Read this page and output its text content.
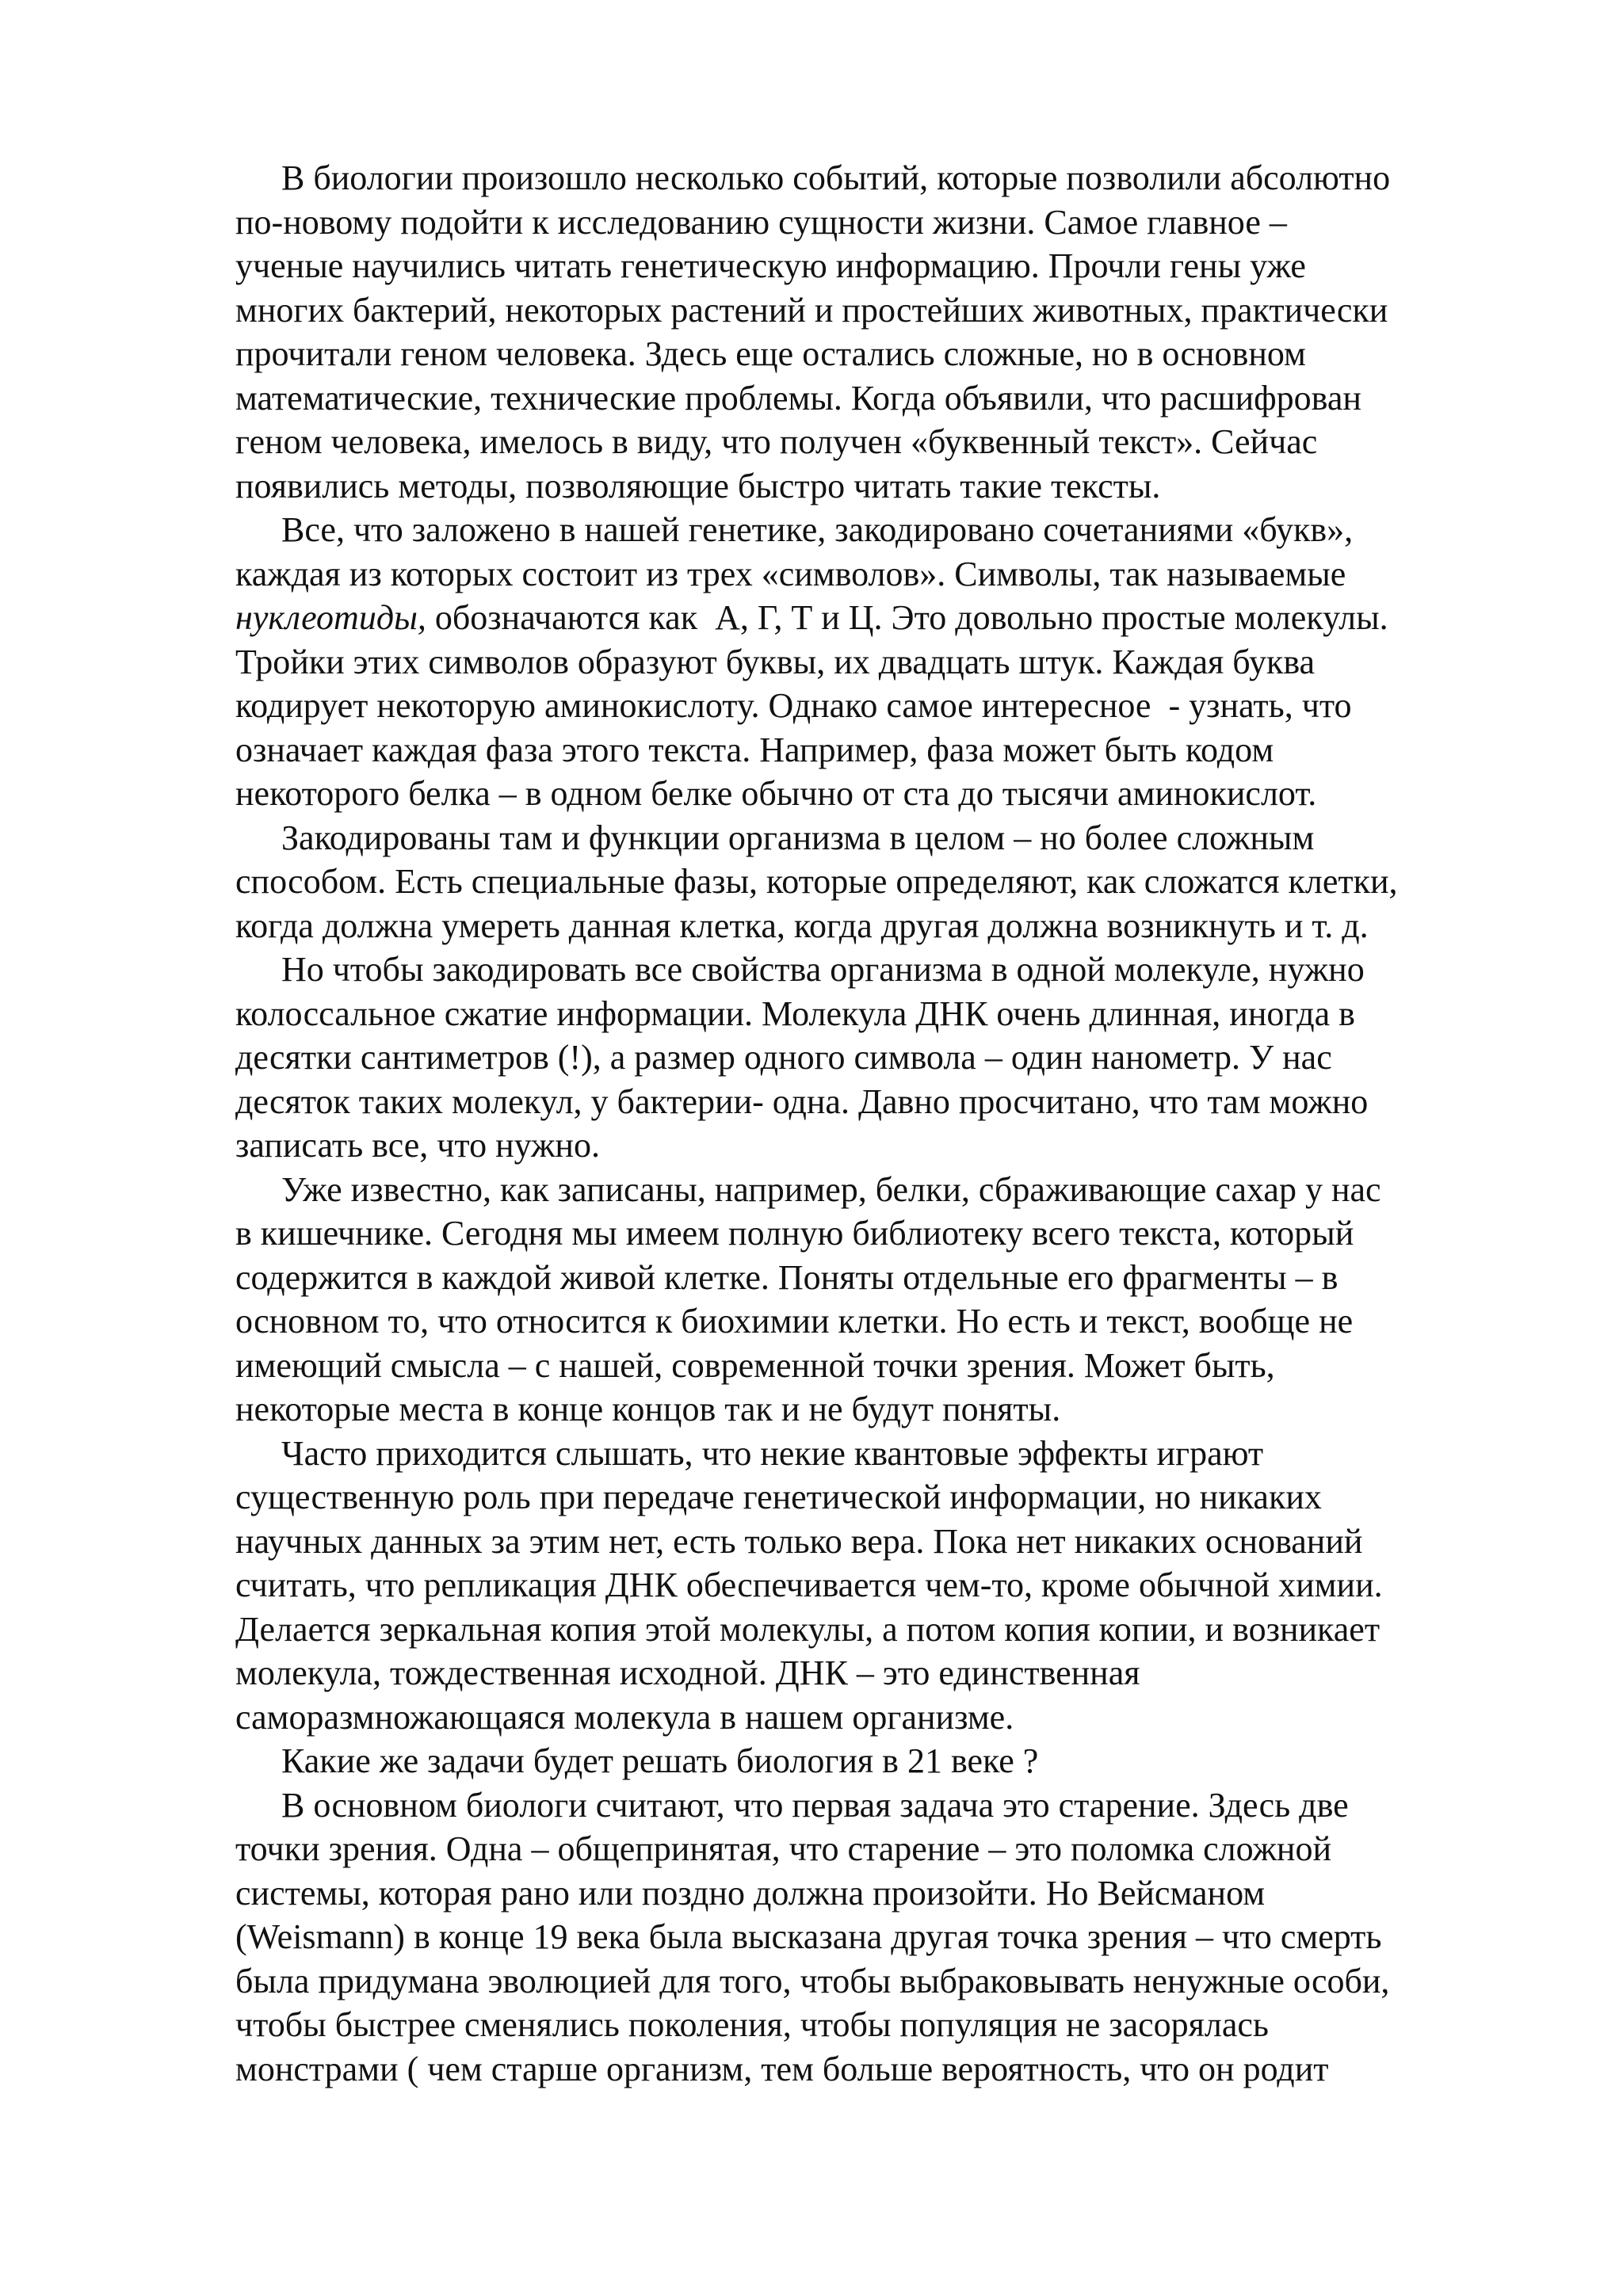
В биологии произошло несколько событий, которые позволили абсолютно
по-новому подойти к исследованию сущности жизни. Самое главное –
ученые научились читать генетическую информацию. Прочли гены уже
многих бактерий, некоторых растений и простейших животных, практически
прочитали геном человека. Здесь еще остались сложные, но в основном
математические, технические проблемы. Когда объявили, что расшифрован
геном человека, имелось в виду, что получен «буквенный текст». Сейчас
появились методы, позволяющие быстро читать такие тексты.
Все, что заложено в нашей генетике, закодировано сочетаниями «букв»,
каждая из которых состоит из трех «символов». Символы, так называемые
нуклеотиды, обозначаются как  А, Г, Т и Ц. Это довольно простые молекулы.
Тройки этих символов образуют буквы, их двадцать штук. Каждая буква
кодирует некоторую аминокислоту. Однако самое интересное  - узнать, что
означает каждая фаза этого текста. Например, фаза может быть кодом
некоторого белка – в одном белке обычно от ста до тысячи аминокислот.
Закодированы там и функции организма в целом – но более сложным
способом. Есть специальные фазы, которые определяют, как сложатся клетки,
когда должна умереть данная клетка, когда другая должна возникнуть и т. д.
Но чтобы закодировать все свойства организма в одной молекуле, нужно
колоссальное сжатие информации. Молекула ДНК очень длинная, иногда в
десятки сантиметров (!), а размер одного символа – один нанометр. У нас
десяток таких молекул, у бактерии- одна. Давно просчитано, что там можно
записать все, что нужно.
Уже известно, как записаны, например, белки, сбраживающие сахар у нас
в кишечнике. Сегодня мы имеем полную библиотеку всего текста, который
содержится в каждой живой клетке. Поняты отдельные его фрагменты – в
основном то, что относится к биохимии клетки. Но есть и текст, вообще не
имеющий смысла – с нашей, современной точки зрения. Может быть,
некоторые места в конце концов так и не будут поняты.
Часто приходится слышать, что некие квантовые эффекты играют
существенную роль при передаче генетической информации, но никаких
научных данных за этим нет, есть только вера. Пока нет никаких оснований
считать, что репликация ДНК обеспечивается чем-то, кроме обычной химии.
Делается зеркальная копия этой молекулы, а потом копия копии, и возникает
молекула, тождественная исходной. ДНК – это единственная
саморазмножающаяся молекула в нашем организме.
Какие же задачи будет решать биология в 21 веке ?
В основном биологи считают, что первая задача это старение. Здесь две
точки зрения. Одна – общепринятая, что старение – это поломка сложной
системы, которая рано или поздно должна произойти. Но Вейсманом
(Weismann) в конце 19 века была высказана другая точка зрения – что смерть
была придумана эволюцией для того, чтобы выбраковывать ненужные особи,
чтобы быстрее сменялись поколения, чтобы популяция не засорялась
монстрами ( чем старше организм, тем больше вероятность, что он родит
